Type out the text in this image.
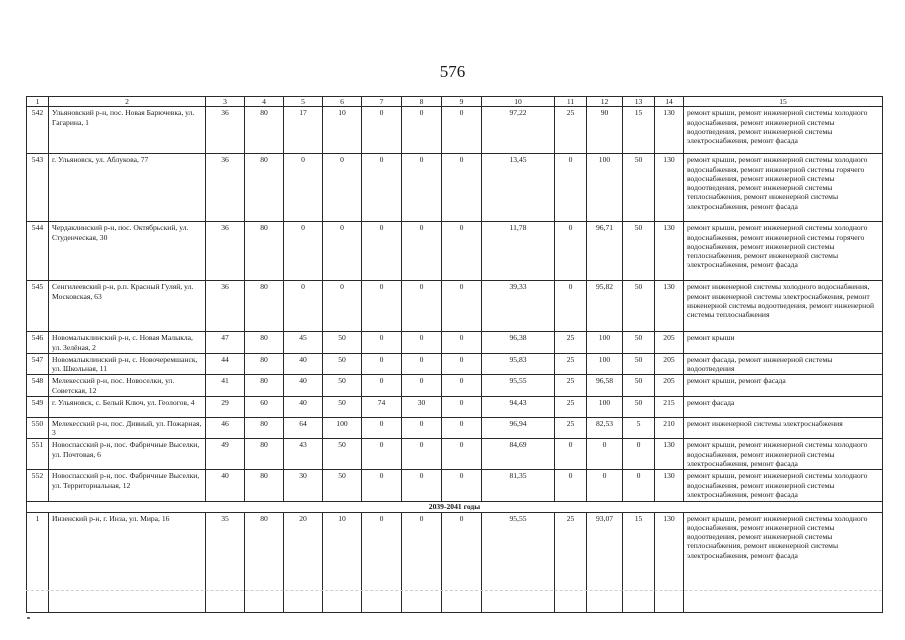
576
1	2	3	4	5	6	7	8	9	10	11	12	13	14	15
542	Ульяновский р-н, пос. Новая Барючевка, ул. Гагарина, 1	36	80	17	10	0	0	0	97,22	25	90	15	130	ремонт крыши, ремонт инженерной системы холодного водоснабжения, ремонт инженерной системы водоотведения, ремонт инженерной системы электроснабжения, ремонт фасада
543	г. Ульяновск, ул. Аблукова, 77	36	80	0	0	0	0	0	13,45	0	100	50	130	ремонт крыши, ремонт инженерной системы холодного водоснабжения, ремонт инженерной системы горячего водоснабжения, ремонт инженерной системы водоотведения, ремонт инженерной системы теплоснабжения, ремонт инженерной системы электроснабжения, ремонт фасада
544	Чердаклинский р-н, пос. Октябрьский, ул. Студенческая, 30	36	80	0	0	0	0	0	11,78	0	96,71	50	130	ремонт крыши, ремонт инженерной системы холодного водоснабжения, ремонт инженерной системы горячего водоснабжения, ремонт инженерной системы теплоснабжения, ремонт инженерной системы электроснабжения, ремонт фасада
545	Сенгилеевский р-н, р.п. Красный Гуляй, ул. Московская, 63	36	80	0	0	0	0	0	39,33	0	95,82	50	130	ремонт инженерной системы холодного водоснабжения, ремонт инженерной системы электроснабжения, ремонт инженерной системы водоотведения, ремонт инженерной системы теплоснабжения
546	Новомалыклинский р-н, с. Новая Малыкла, ул. Зелёная, 2	47	80	45	50	0	0	0	96,38	25	100	50	205	ремонт крыши
547	Новомалыклинский р-н, с. Новочеремшанск, ул. Школьная, 11	44	80	40	50	0	0	0	95,83	25	100	50	205	ремонт фасада, ремонт инженерной системы водоотведения
548	Мелекесский р-н, пос. Новоселки, ул. Советская, 12	41	80	40	50	0	0	0	95,55	25	96,58	50	205	ремонт крыши, ремонт фасада
549	г. Ульяновск, с. Белый Ключ, ул. Геологов, 4	29	60	40	50	74	30	0	94,43	25	100	50	215	ремонт фасада
550	Мелекесский р-н, пос. Дивный, ул. Пожарная, 3	46	80	64	100	0	0	0	96,94	25	82,53	5	210	ремонт инженерной системы электроснабжения
551	Новоспасский р-н, пос. Фабричные Выселки, ул. Почтовая, 6	49	80	43	50	0	0	0	84,69	0	0	0	130	ремонт крыши, ремонт инженерной системы холодного водоснабжения, ремонт инженерной системы электроснабжения, ремонт фасада
552	Новоспасский р-н, пос. Фабричные Выселки, ул. Территориальная, 12	40	80	30	50	0	0	0	81,35	0	0	0	130	ремонт крыши, ремонт инженерной системы холодного водоснабжения, ремонт инженерной системы электроснабжения, ремонт фасада
2039-2041 годы														
1	Инзенский р-н, г. Инза, ул. Мира, 16	35	80	20	10	0	0	0	95,55	25	93,07	15	130	ремонт крыши, ремонт инженерной системы холодного водоснабжения, ремонт инженерной системы водоотведения, ремонт инженерной системы теплоснабжения, ремонт инженерной системы электроснабжения, ремонт фасада
